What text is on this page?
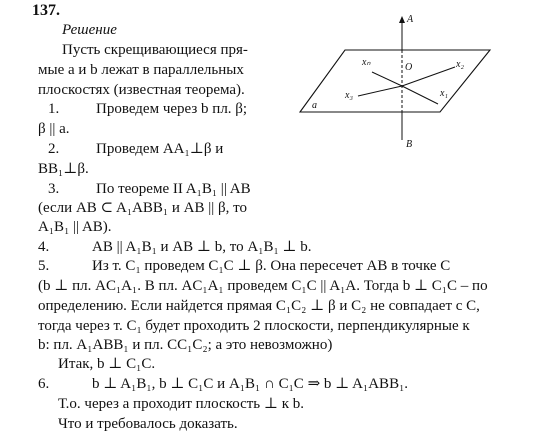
137.
Решение
Пусть скрещивающиеся пря-
мые a и b лежат в параллельных
плоскостях (известная теорема).
1. Проведем через b пл. β;
β || a.
2. Проведем AA₁⊥β и
BB₁⊥β.
3. По теореме II A₁B₁ || AB
(если AB ⊂ A₁ABB₁ и AB || β, то
A₁B₁ || AB).
4.	AB || A₁B₁ и AB ⊥ b, то A₁B₁ ⊥ b.
5.	Из т. C₁ проведем C₁C ⊥ β. Она пересечет AB в точке C
(b ⊥ пл. AC₁A₁. В пл. AC₁A₁ проведем C₁C || A₁A. Тогда b ⊥ C₁C – по
определению. Если найдется прямая C₁C₂ ⊥ β и C₂ не совпадает с C,
тогда через т. C₁ будет проходить 2 плоскости, перпендикулярные к
b: пл. A₁ABB₁ и пл. CC₁C₂; а это невозможно)
Итак, b ⊥ C₁C.
6.	b ⊥ A₁B₁, b ⊥ C₁C и A₁B₁ ∩ C₁C ⇒ b ⊥ A₁ABB₁.
Т.о. через a проходит плоскость ⊥ к b.
Что и требовалось доказать.
A
B
O	x₂
xₙ
x₁
x₃
a
